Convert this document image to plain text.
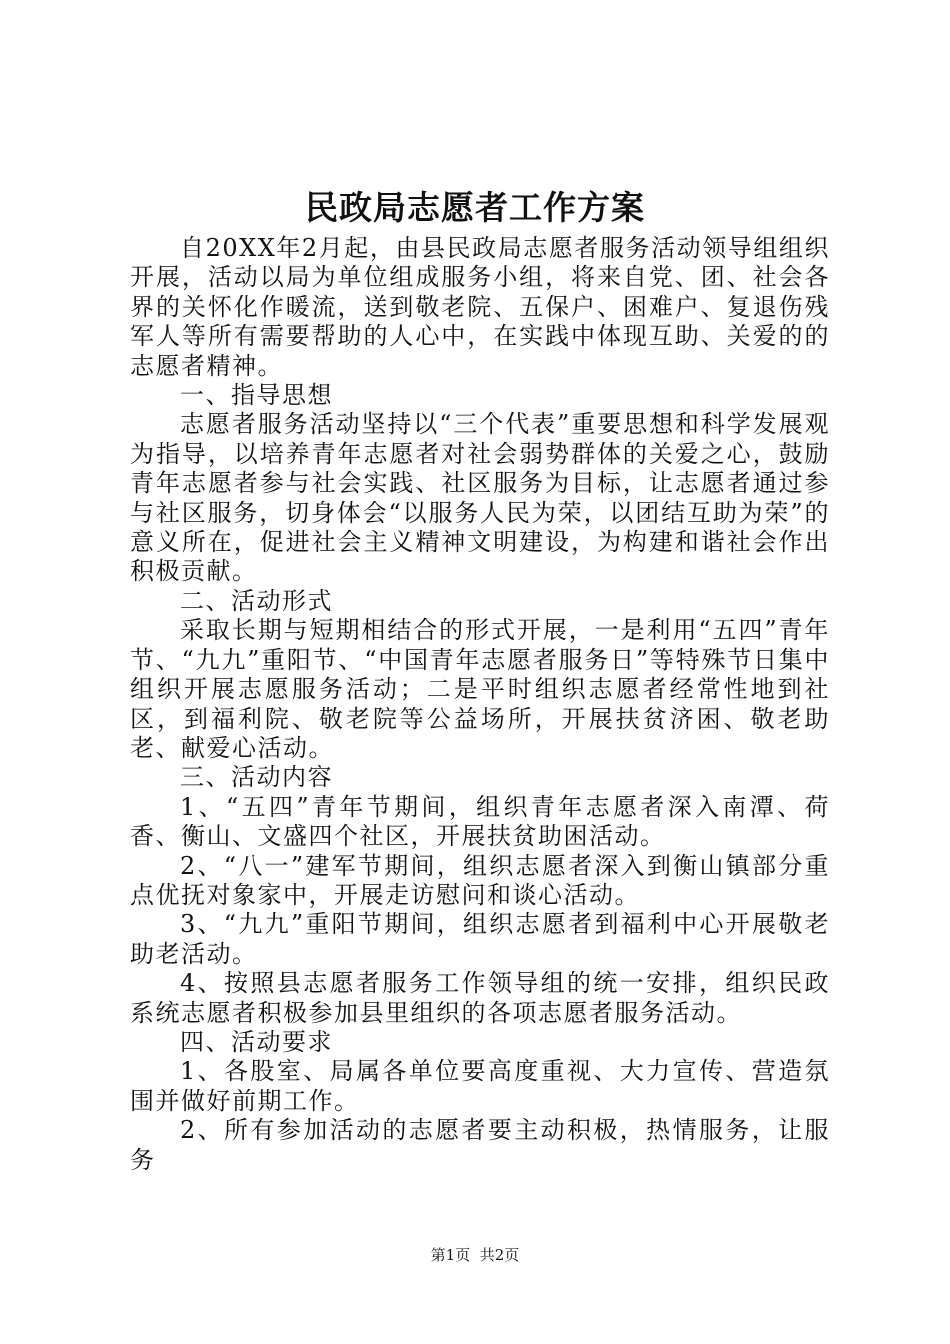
民政局志愿者工作方案

自20XX年2月起，由县民政局志愿者服务活动领导组组织开展，活动以局为单位组成服务小组，将来自党、团、社会各界的关怀化作暖流，送到敬老院、五保户、困难户、复退伤残军人等所有需要帮助的人心中，在实践中体现互助、关爱的的志愿者精神。

一、指导思想

志愿者服务活动坚持以“三个代表”重要思想和科学发展观为指导，以培养青年志愿者对社会弱势群体的关爱之心，鼓励青年志愿者参与社会实践、社区服务为目标，让志愿者通过参与社区服务，切身体会“以服务人民为荣，以团结互助为荣”的意义所在，促进社会主义精神文明建设，为构建和谐社会作出积极贡献。

二、活动形式

采取长期与短期相结合的形式开展，一是利用“五四”青年节、“九九”重阳节、“中国青年志愿者服务日”等特殊节日集中组织开展志愿服务活动；二是平时组织志愿者经常性地到社区，到福利院、敬老院等公益场所，开展扶贫济困、敬老助老、献爱心活动。

三、活动内容

1、“五四”青年节期间，组织青年志愿者深入南潭、荷香、衡山、文盛四个社区，开展扶贫助困活动。

2、“八一”建军节期间，组织志愿者深入到衡山镇部分重点优抚对象家中，开展走访慰问和谈心活动。

3、“九九”重阳节期间，组织志愿者到福利中心开展敬老助老活动。

4、按照县志愿者服务工作领导组的统一安排，组织民政系统志愿者积极参加县里组织的各项志愿者服务活动。

四、活动要求

1、各股室、局属各单位要高度重视、大力宣传、营造氛围并做好前期工作。

2、所有参加活动的志愿者要主动积极，热情服务，让服务

第1页 共2页
